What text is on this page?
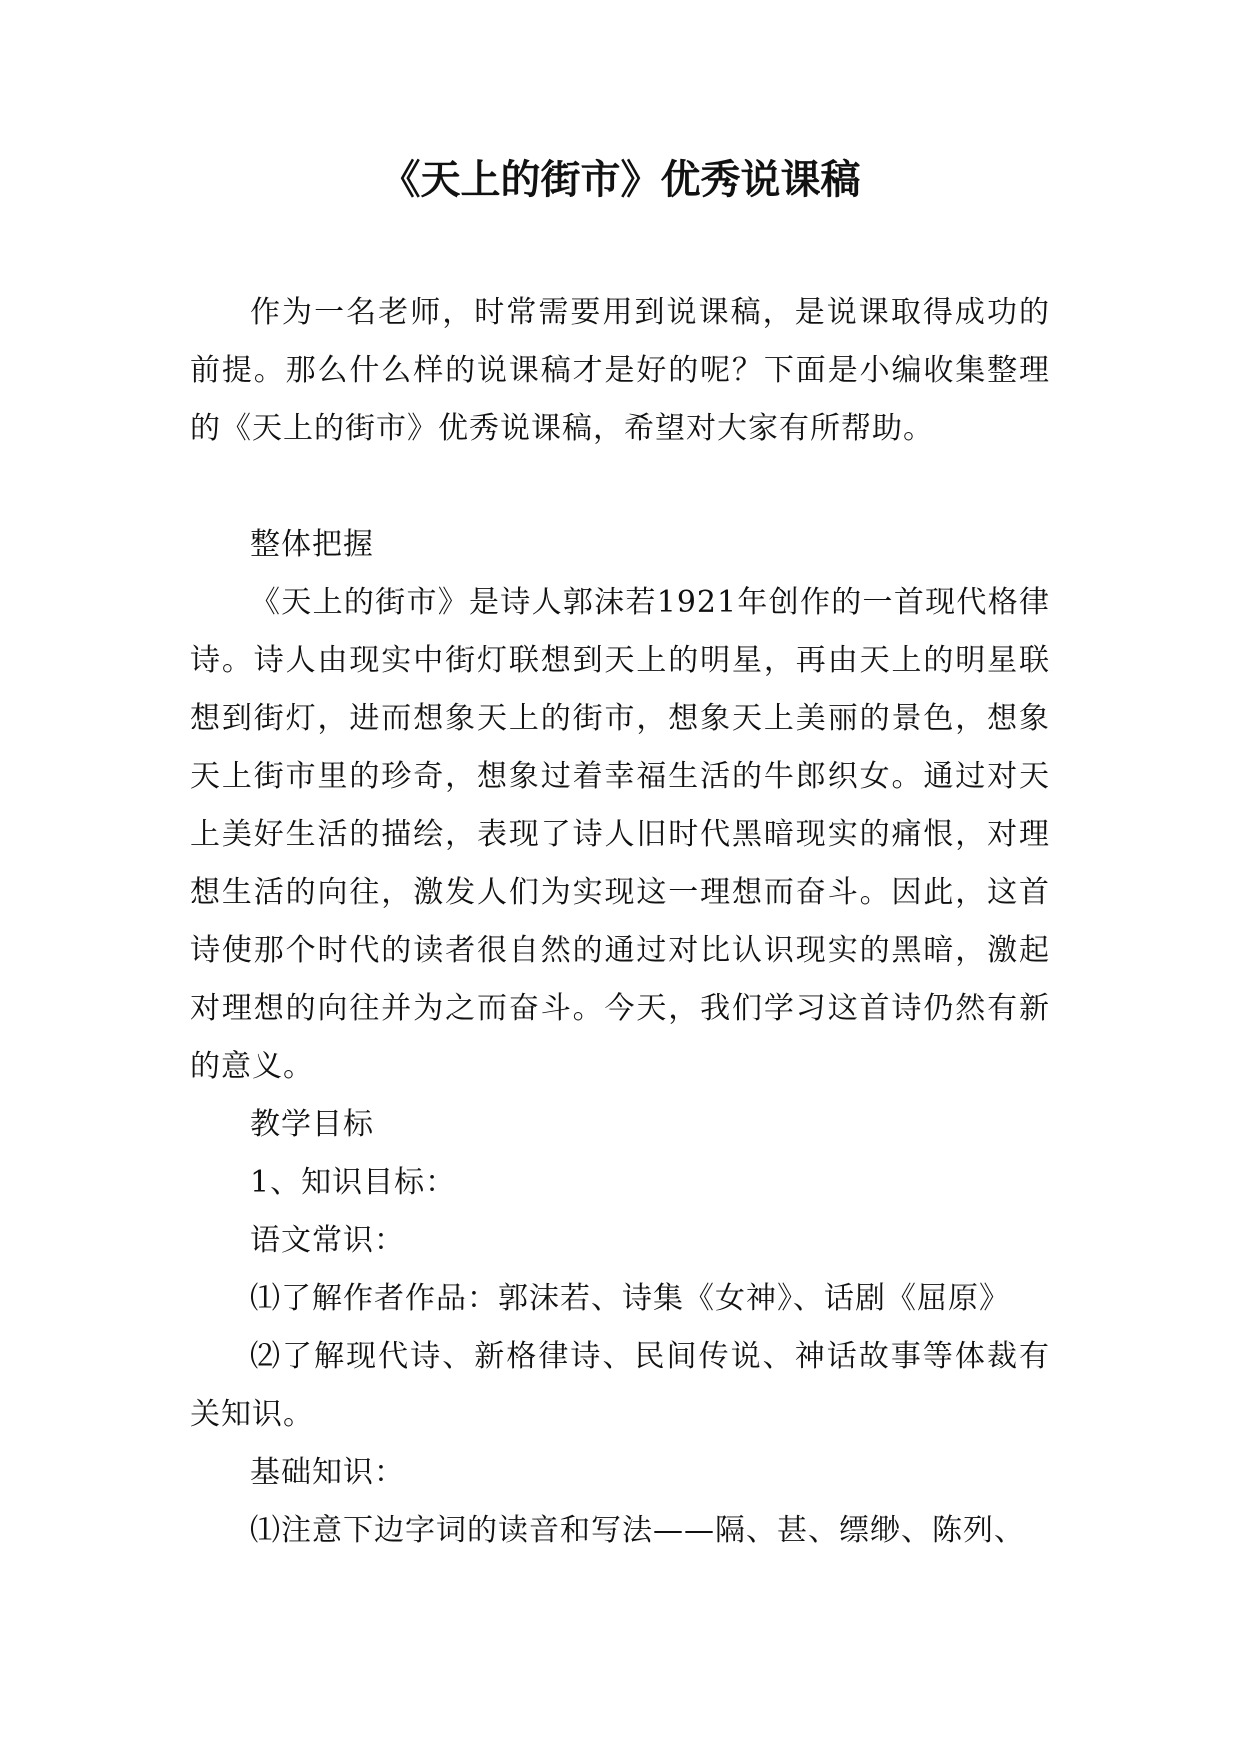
《天上的街市》优秀说课稿

作为一名老师，时常需要用到说课稿，是说课取得成功的前提。那么什么样的说课稿才是好的呢？下面是小编收集整理的《天上的街市》优秀说课稿，希望对大家有所帮助。

整体把握

《天上的街市》是诗人郭沫若1921年创作的一首现代格律诗。诗人由现实中街灯联想到天上的明星，再由天上的明星联想到街灯，进而想象天上的街市，想象天上美丽的景色，想象天上街市里的珍奇，想象过着幸福生活的牛郎织女。通过对天上美好生活的描绘，表现了诗人旧时代黑暗现实的痛恨，对理想生活的向往，激发人们为实现这一理想而奋斗。因此，这首诗使那个时代的读者很自然的通过对比认识现实的黑暗，激起对理想的向往并为之而奋斗。今天，我们学习这首诗仍然有新的意义。

教学目标

1、知识目标：

语文常识：

⑴了解作者作品：郭沫若、诗集《女神》、话剧《屈原》

⑵了解现代诗、新格律诗、民间传说、神话故事等体裁有关知识。

基础知识：

⑴注意下边字词的读音和写法——隔、甚、缥缈、陈列、
